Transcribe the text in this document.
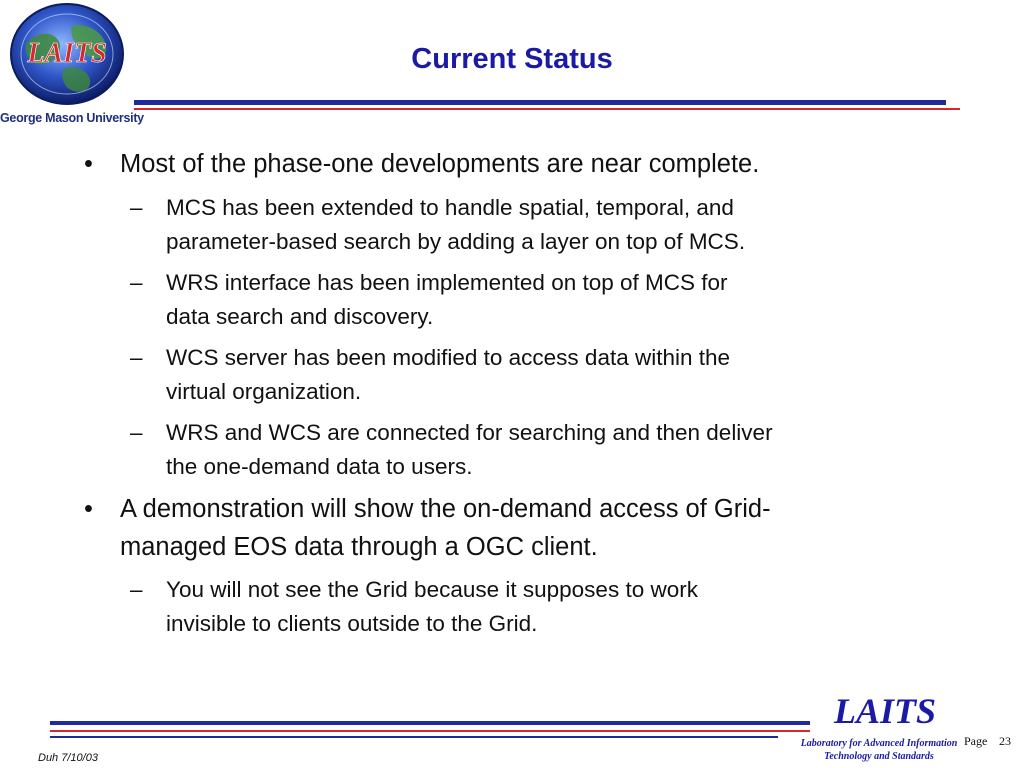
LAITS
George Mason University
Current Status
•	Most of the phase-one developments are near complete.
–	MCS has been extended to handle spatial, temporal, and
parameter-based search by adding a layer on top of MCS.
–	WRS interface has been implemented on top of MCS for
data search and discovery.
–	WCS server has been modified to access data within the
virtual organization.
–	WRS and WCS are connected for searching and then deliver
the one-demand data to users.
•	A demonstration will show the on-demand access of Grid-
managed EOS data through a OGC client.
–	You will not see the Grid because it supposes to work
invisible to clients outside to the Grid.
LAITS
Laboratory for Advanced Information
Technology and Standards
Page 23
Duh 7/10/03
